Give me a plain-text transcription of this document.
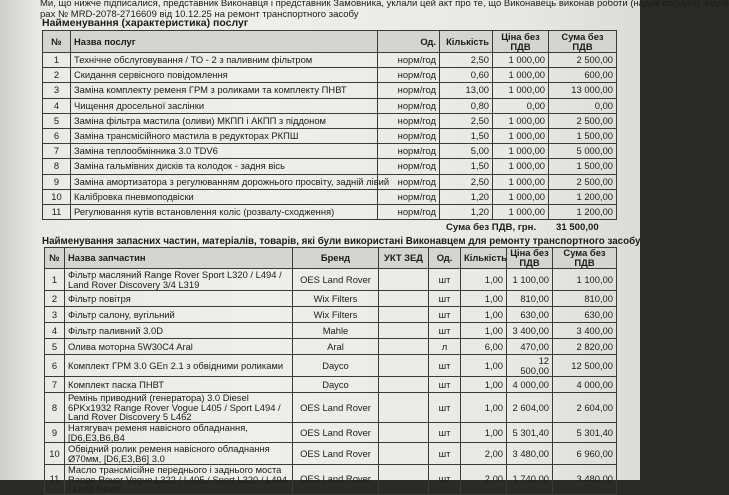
Ми, що нижче підписалися, представник Виконавця і представник Замовника, уклали цей акт про те, що Виконавець виконав роботи (надав послуги) згідно
рах № MRD-2078-2716609 від 10.12.25 на ремонт транспортного засобу
Найменування (характеристика) послуг
№	Назва послуг	Од.	Кількість	Ціна без ПДВ	Сума без ПДВ
1	Технічне обслуговування / ТО - 2 з паливним фільтром	норм/год	2,50	1 000,00	2 500,00
2	Скидання сервісного повідомлення	норм/год	0,60	1 000,00	600,00
3	Заміна комплекту ременя ГРМ з роликами та комплекту ПНВТ	норм/год	13,00	1 000,00	13 000,00
4	Чищення дросельної заслінки	норм/год	0,80	0,00	0,00
5	Заміна фільтра мастила (оливи) МКПП і АКПП з піддоном	норм/год	2,50	1 000,00	2 500,00
6	Заміна трансмісійного мастила в редукторах РКПШ	норм/год	1,50	1 000,00	1 500,00
7	Заміна теплообмінника 3.0 TDV6	норм/год	5,00	1 000,00	5 000,00
8	Заміна гальмівних дисків та колодок - задня вісь	норм/год	1,50	1 000,00	1 500,00
9	Заміна амортизатора з регулюванням дорожнього просвіту, задній лівий	норм/год	2,50	1 000,00	2 500,00
10	Калібровка пневмоподвіски	норм/год	1,20	1 000,00	1 200,00
11	Регулювання кутів встановлення коліс (розвалу-сходження)	норм/год	1,20	1 000,00	1 200,00
Сума без ПДВ, грн. 31 500,00
Найменування запасних частин, матеріалів, товарів, які були використані Виконавцем для ремонту транспортного засобу
№	Назва запчастин	Бренд	УКТ ЗЕД	Од.	Кількість	Ціна без ПДВ	Сума без ПДВ
1	Фільтр масляний Range Rover Sport L320 / L494 / Land Rover Discovery 3/4 L319	OES Land Rover		шт	1,00	1 100,00	1 100,00
2	Фільтр повітря	Wix Filters		шт	1,00	810,00	810,00
3	Фільтр салону, вугільний	Wix Filters		шт	1,00	630,00	630,00
4	Фільтр паливний 3.0D	Mahle		шт	1,00	3 400,00	3 400,00
5	Олива моторна 5W30C4 Aral	Aral		л	6,00	470,00	2 820,00
6	Комплект ГРМ 3.0 GEn 2.1 з обвідними роликами	Dayco		шт	1,00	12 500,00	12 500,00
7	Комплект паска ПНВТ	Dayco		шт	1,00	4 000,00	4 000,00
8	Ремінь приводний (генератора) 3.0 Diesel 6PKx1932 Range Rover Vogue L405 / Sport L494 / Land Rover Discovery 5 L462	OES Land Rover		шт	1,00	2 604,00	2 604,00
9	Натягувач ременя навісного обладнання, [D6,E3,B6,B4	OES Land Rover		шт	1,00	5 301,40	5 301,40
10	Обвідний ролик ременя навісного обладнання Ø70мм, [D6,E3,B6] 3.0	OES Land Rover		шт	2,00	3 480,00	6 960,00
11	Масло трансмісійне переднього і заднього моста Range Rover Vogue L322 / L405 / Sport L320 / L494 / Land Rover	OES Land Rover		шт	2,00	1 740,00	3 480,00
